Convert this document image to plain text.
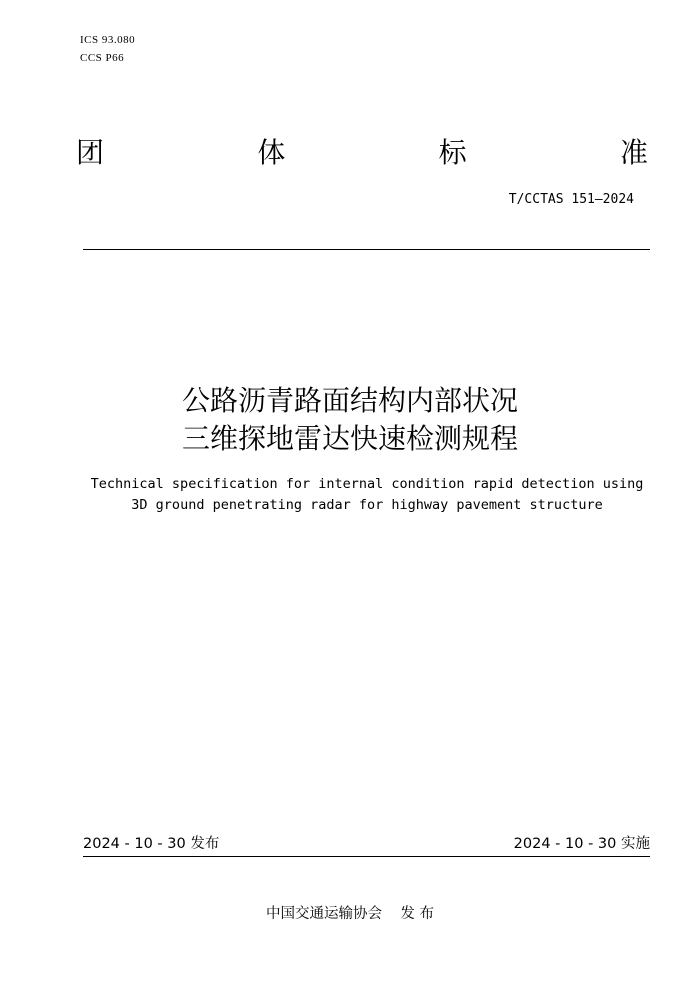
ICS 93.080
CCS P66
团	体	标	准
T/CCTAS 151—2024
公路沥青路面结构内部状况
三维探地雷达快速检测规程
Technical specification for internal condition rapid detection using
3D ground penetrating radar for highway pavement structure
2024 - 10 - 30 发布	2024 - 10 - 30 实施
中国交通运输协会    发 布
